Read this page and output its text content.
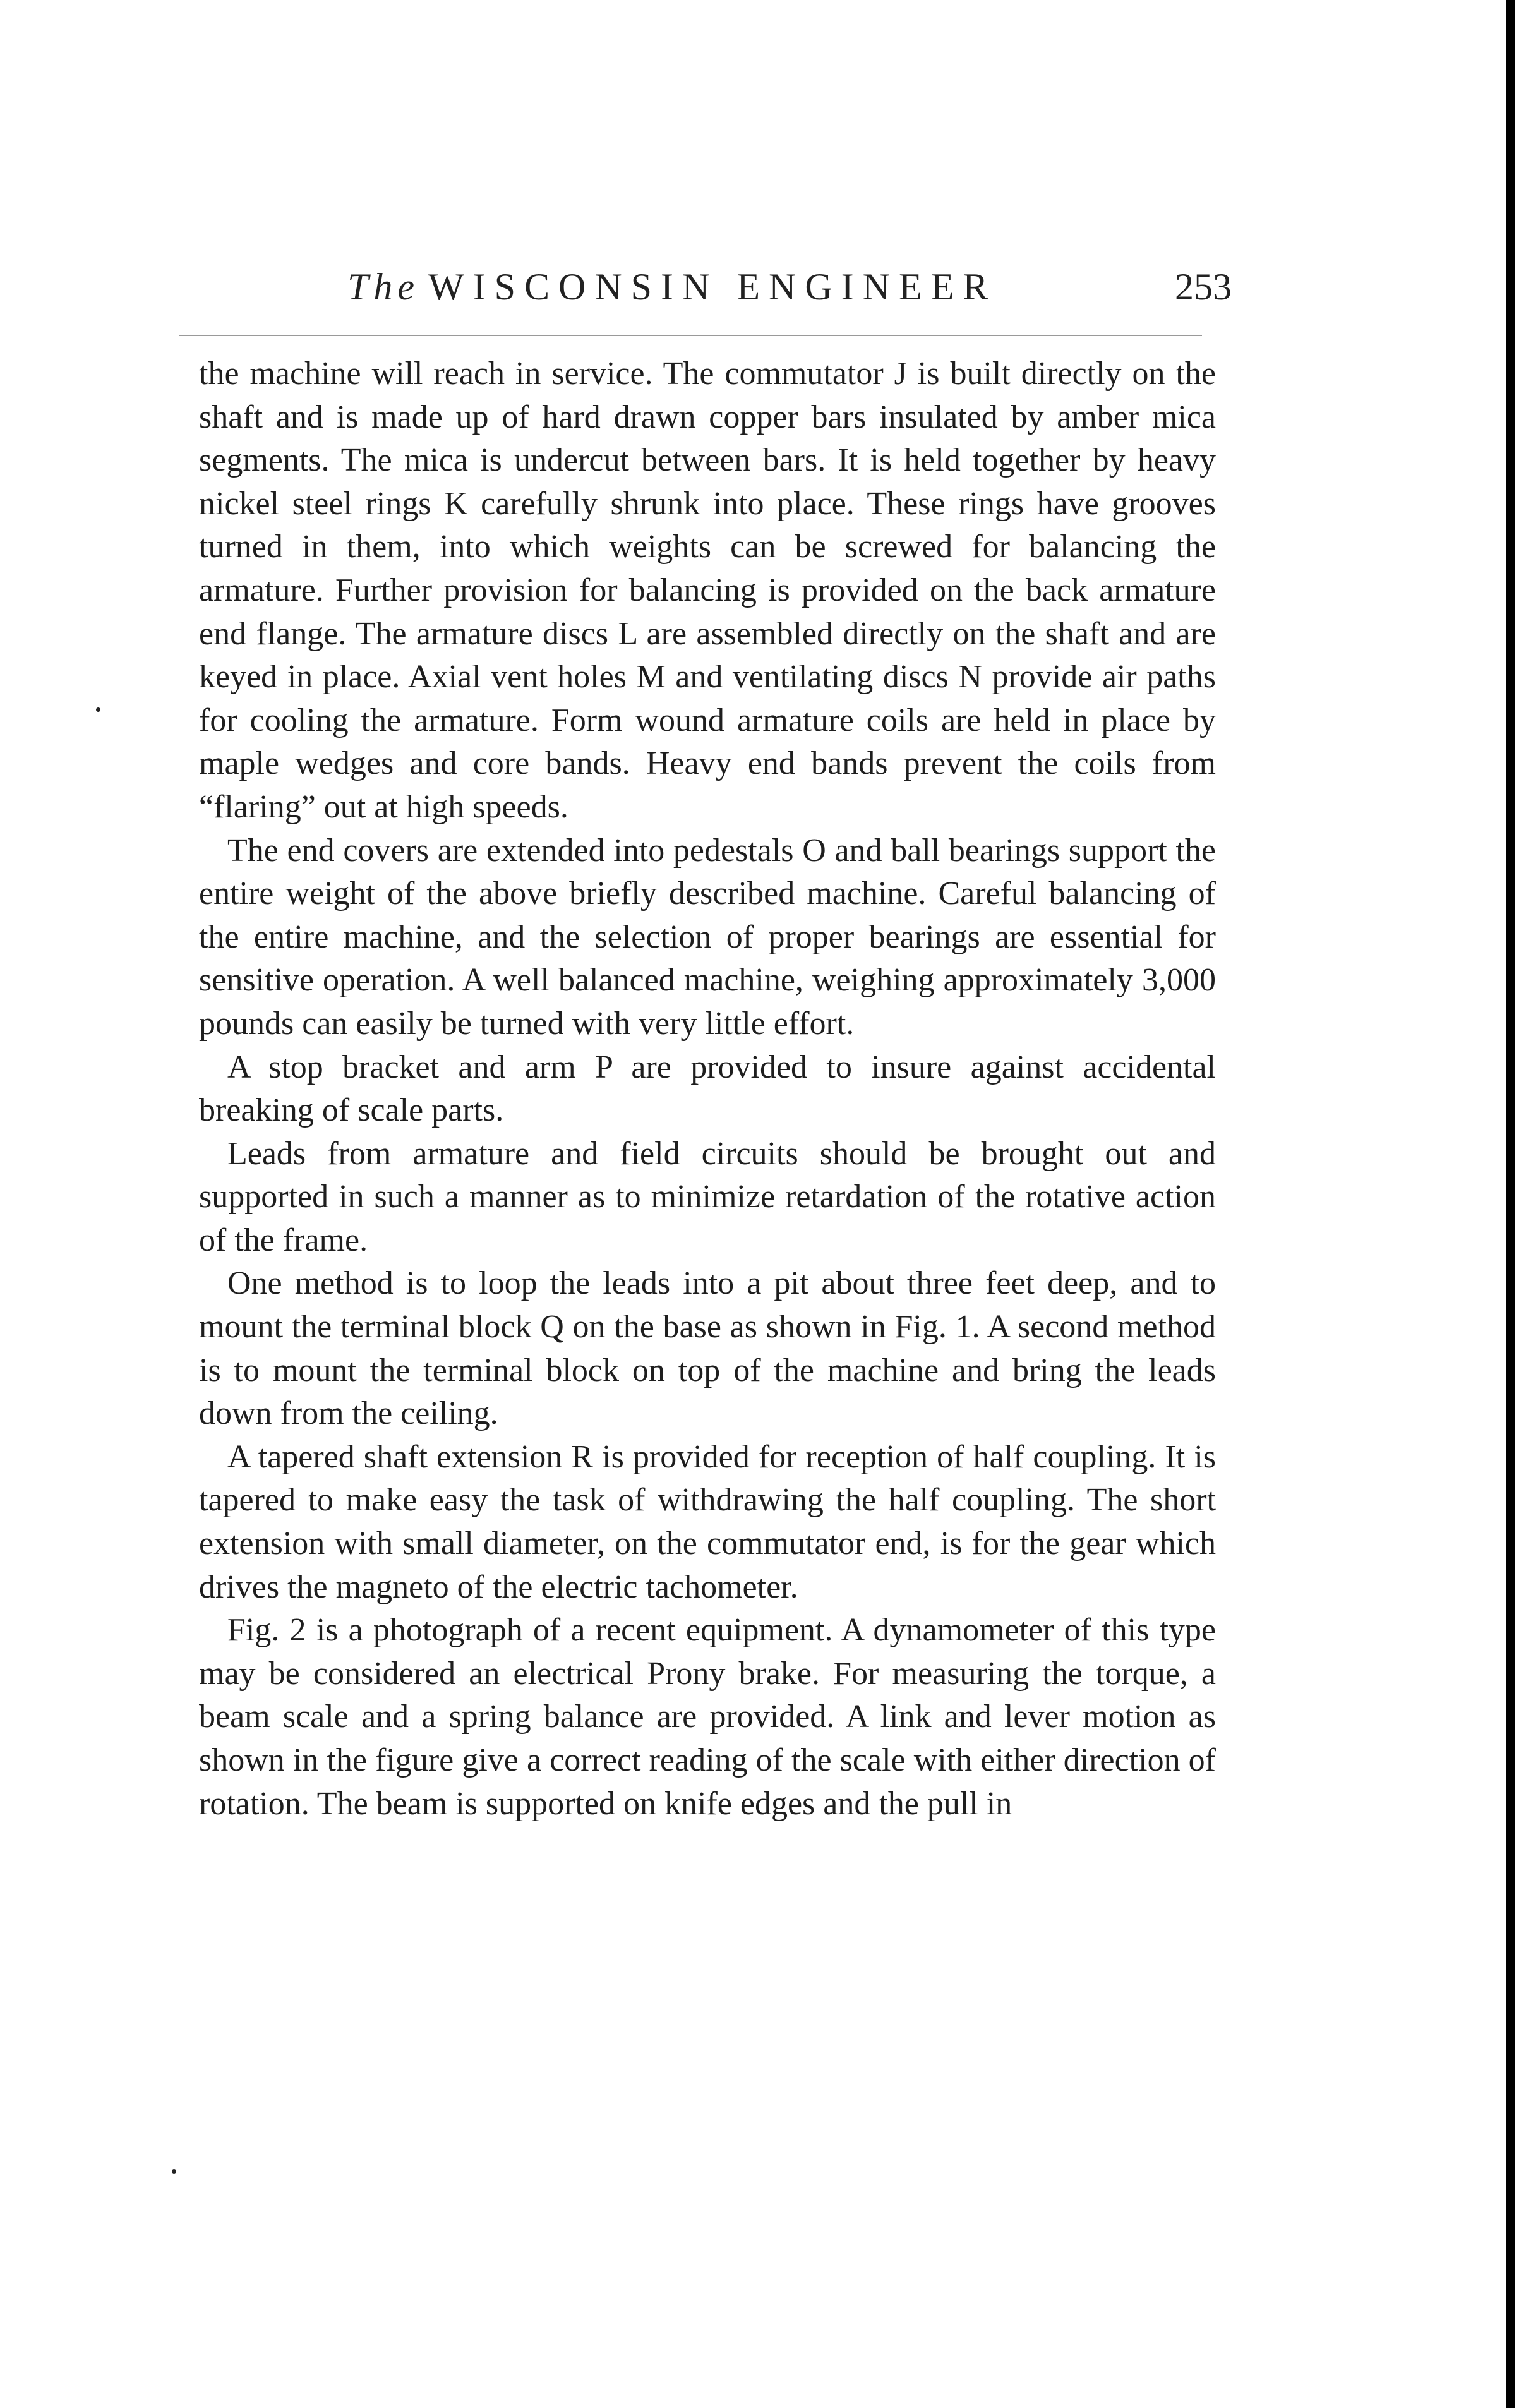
The WISCONSIN ENGINEER	253

the machine will reach in service. The commutator J is built directly on the shaft and is made up of hard drawn copper bars insulated by amber mica segments. The mica is undercut between bars. It is held together by heavy nickel steel rings K carefully shrunk into place. These rings have grooves turned in them, into which weights can be screwed for balancing the armature. Further provision for balancing is provided on the back armature end flange. The armature discs L are assembled directly on the shaft and are keyed in place. Axial vent holes M and ventilating discs N provide air paths for cooling the armature. Form wound armature coils are held in place by maple wedges and core bands. Heavy end bands prevent the coils from “flaring” out at high speeds.

The end covers are extended into pedestals O and ball bearings support the entire weight of the above briefly described machine. Careful balancing of the entire machine, and the selection of proper bearings are essential for sensitive operation. A well balanced machine, weighing approximately 3,000 pounds can easily be turned with very little effort.

A stop bracket and arm P are provided to insure against accidental breaking of scale parts.

Leads from armature and field circuits should be brought out and supported in such a manner as to minimize retardation of the rotative action of the frame.

One method is to loop the leads into a pit about three feet deep, and to mount the terminal block Q on the base as shown in Fig. 1. A second method is to mount the terminal block on top of the machine and bring the leads down from the ceiling.

A tapered shaft extension R is provided for reception of half coupling. It is tapered to make easy the task of withdrawing the half coupling. The short extension with small diameter, on the commutator end, is for the gear which drives the magneto of the electric tachometer.

Fig. 2 is a photograph of a recent equipment. A dynamometer of this type may be considered an electrical Prony brake. For measuring the torque, a beam scale and a spring balance are provided. A link and lever motion as shown in the figure give a correct reading of the scale with either direction of rotation. The beam is supported on knife edges and the pull in
